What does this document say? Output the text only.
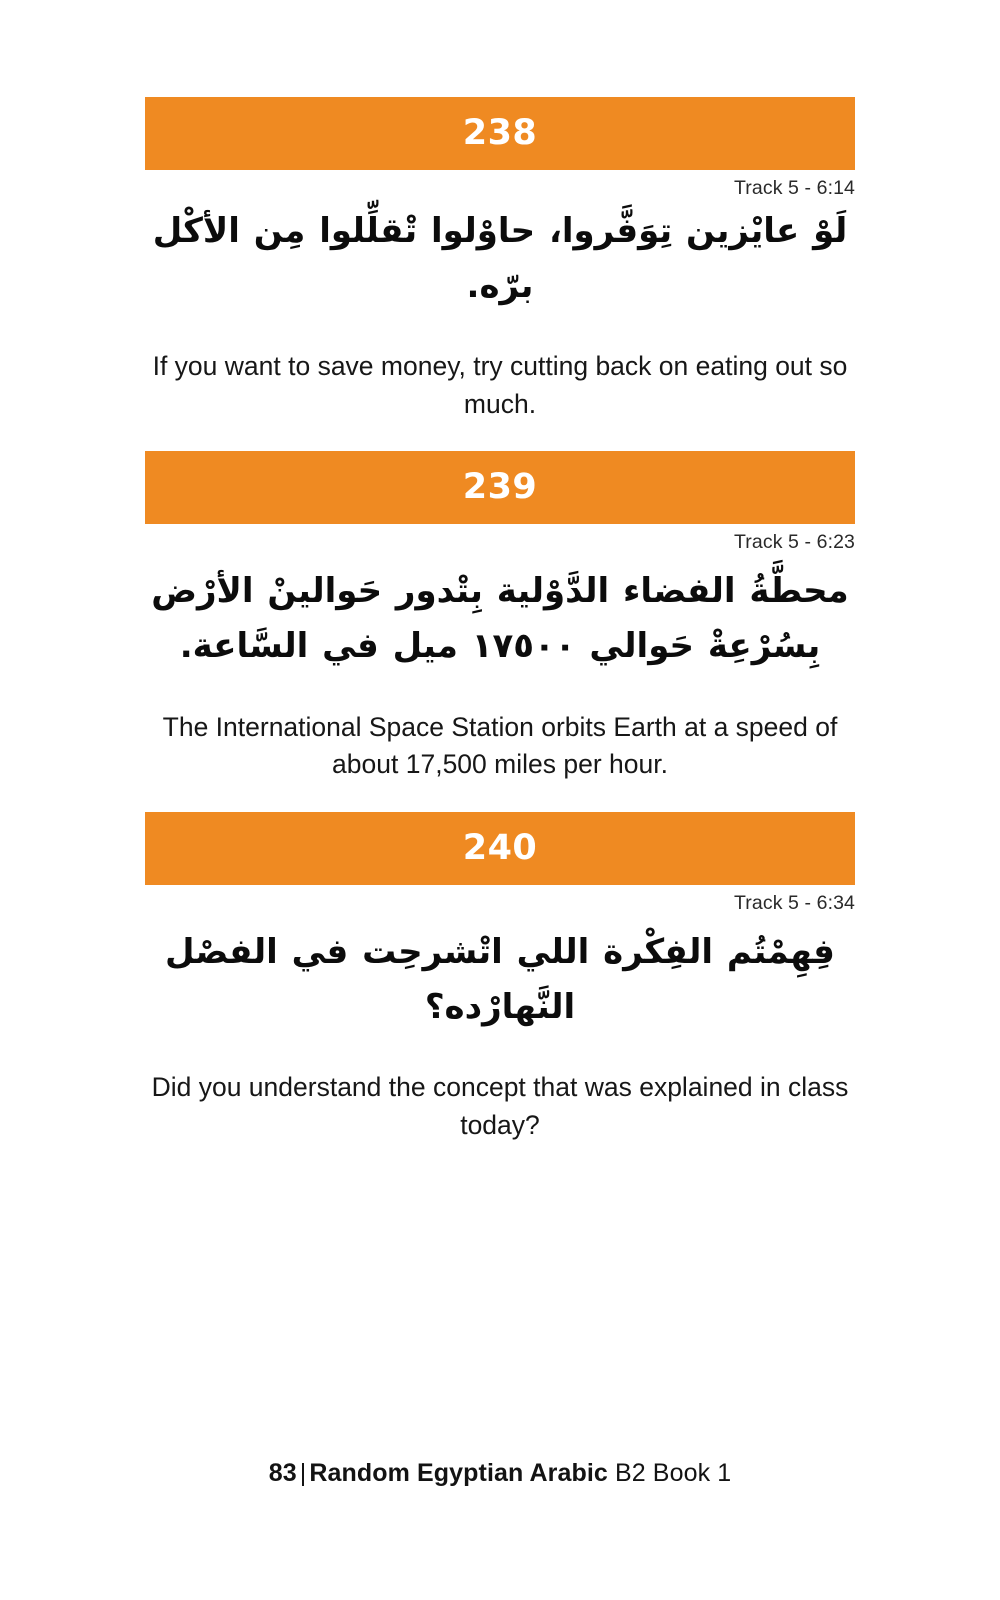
238
Track 5 - 6:14

لَوْ عايْزين تِوَفَّروا، حاوْلوا تْقلِّلوا مِن الأكْل برّه.

If you want to save money, try cutting back on eating out so much.

239
Track 5 - 6:23

محطَّةُ الفضاء الدَّوْلية بِتْدور حَوالينْ الأرْض بِسُرْعِةْ حَوالي ١٧٥٠٠ ميل في السَّاعة.

The International Space Station orbits Earth at a speed of about 17,500 miles per hour.

240
Track 5 - 6:34

فِهِمْتُم الفِكْرة اللي اتْشرحِت في الفصْل النَّهارْده؟

Did you understand the concept that was explained in class today?

83 | Random Egyptian Arabic B2 Book 1
